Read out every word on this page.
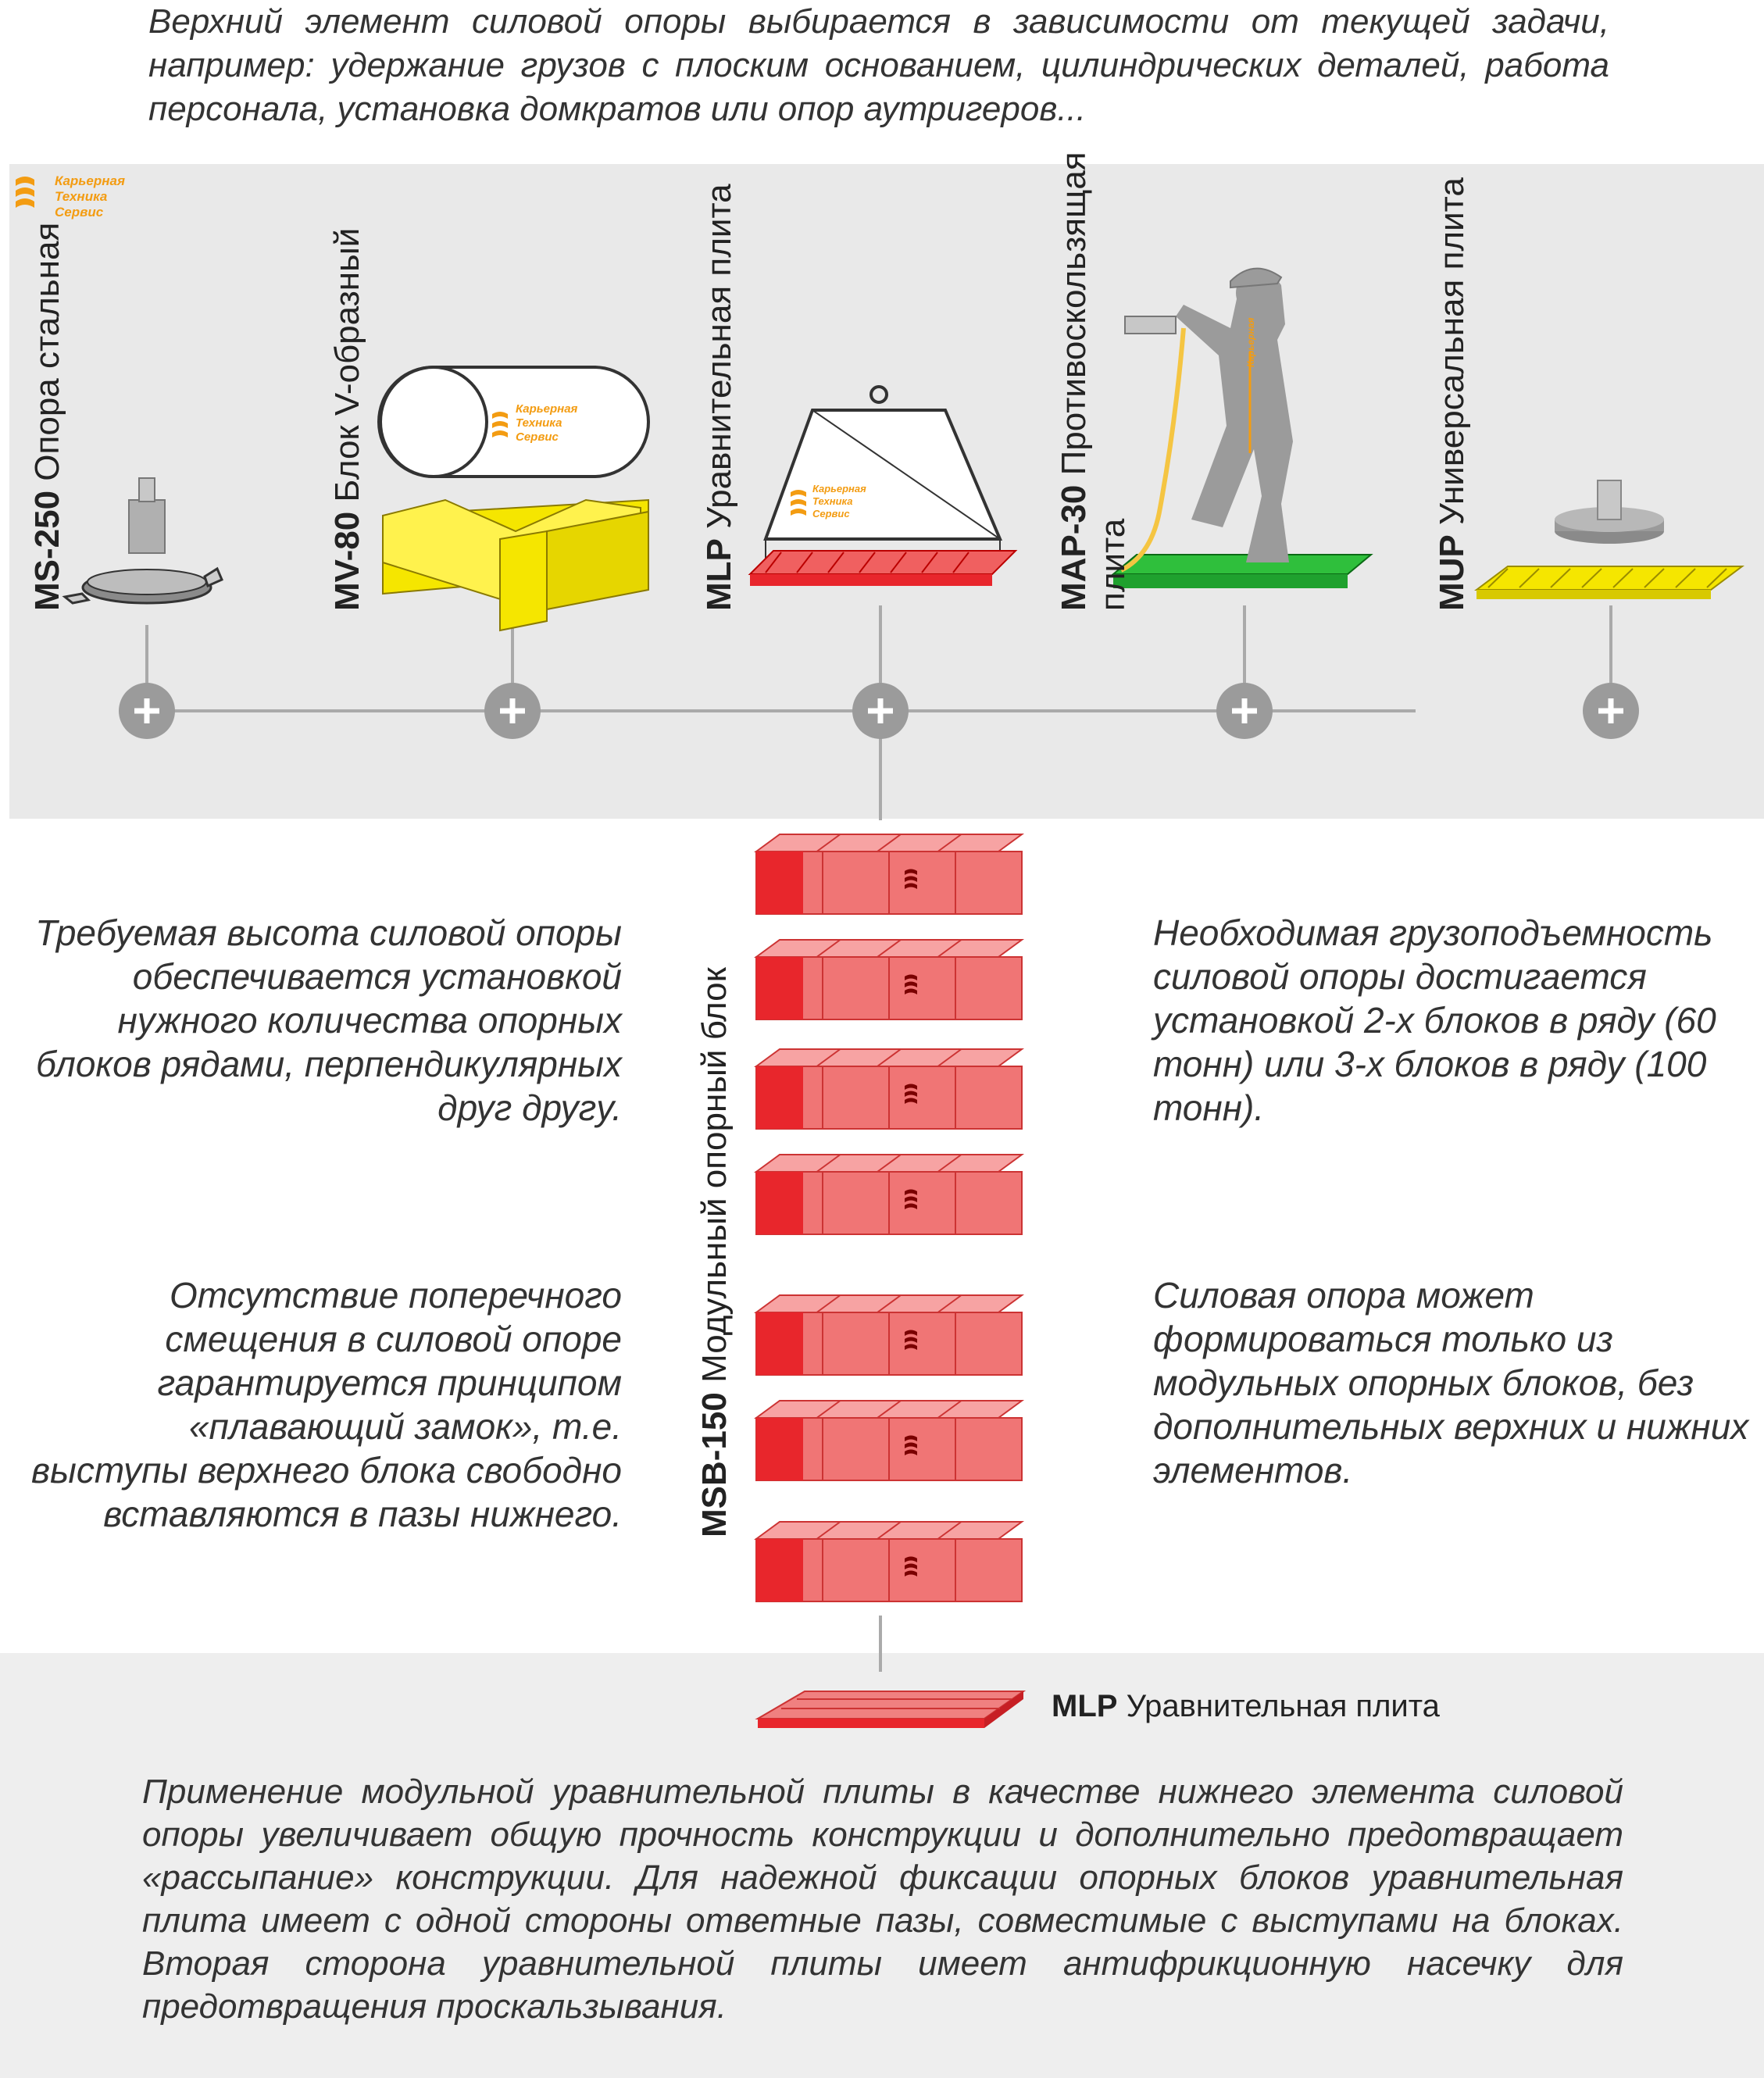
Верхний элемент силовой опоры выбирается в зависимости от текущей задачи, например: удержание грузов с плоским основанием, цилиндрических деталей, работа персонала, установка домкратов или опор аутригеров...
Карьерная
Техника
Сервис
Карьерная
Техника
Сервис
Карьерная
Техника
Сервис
Карьерная
MS-250 Опора стальная
MV-80 Блок V-образный
MLP Уравнительная плита
MAP-30 Противоскользящая
плита	MUP Универсальная плита
MSB-150 Модульный опорный блок
Требуемая высота силовой опоры обеспечивается установкой нужного количества опорных блоков рядами, перпендикулярных друг другу.
Отсутствие поперечного смещения в силовой опоре гарантируется принципом «плавающий замок», т.е. выступы верхнего блока свободно вставляются в пазы нижнего.
Необходимая грузоподъемность силовой опоры достигается установкой 2-х блоков в ряду (60 тонн) или 3-х блоков в ряду (100 тонн).
Силовая опора может формироваться только из модульных опорных блоков, без дополнительных верхних и нижних элементов.
MLP Уравнительная плита
Применение модульной уравнительной плиты в качестве нижнего элемента силовой опоры увеличивает общую прочность конструкции и дополнительно предотвращает «рассыпание» конструкции. Для надежной фиксации опорных блоков уравнительная плита имеет с одной стороны ответные пазы, совместимые с выступами на блоках. Вторая сторона уравнительной плиты имеет антифрикционную насечку для предотвращения проскальзывания.
